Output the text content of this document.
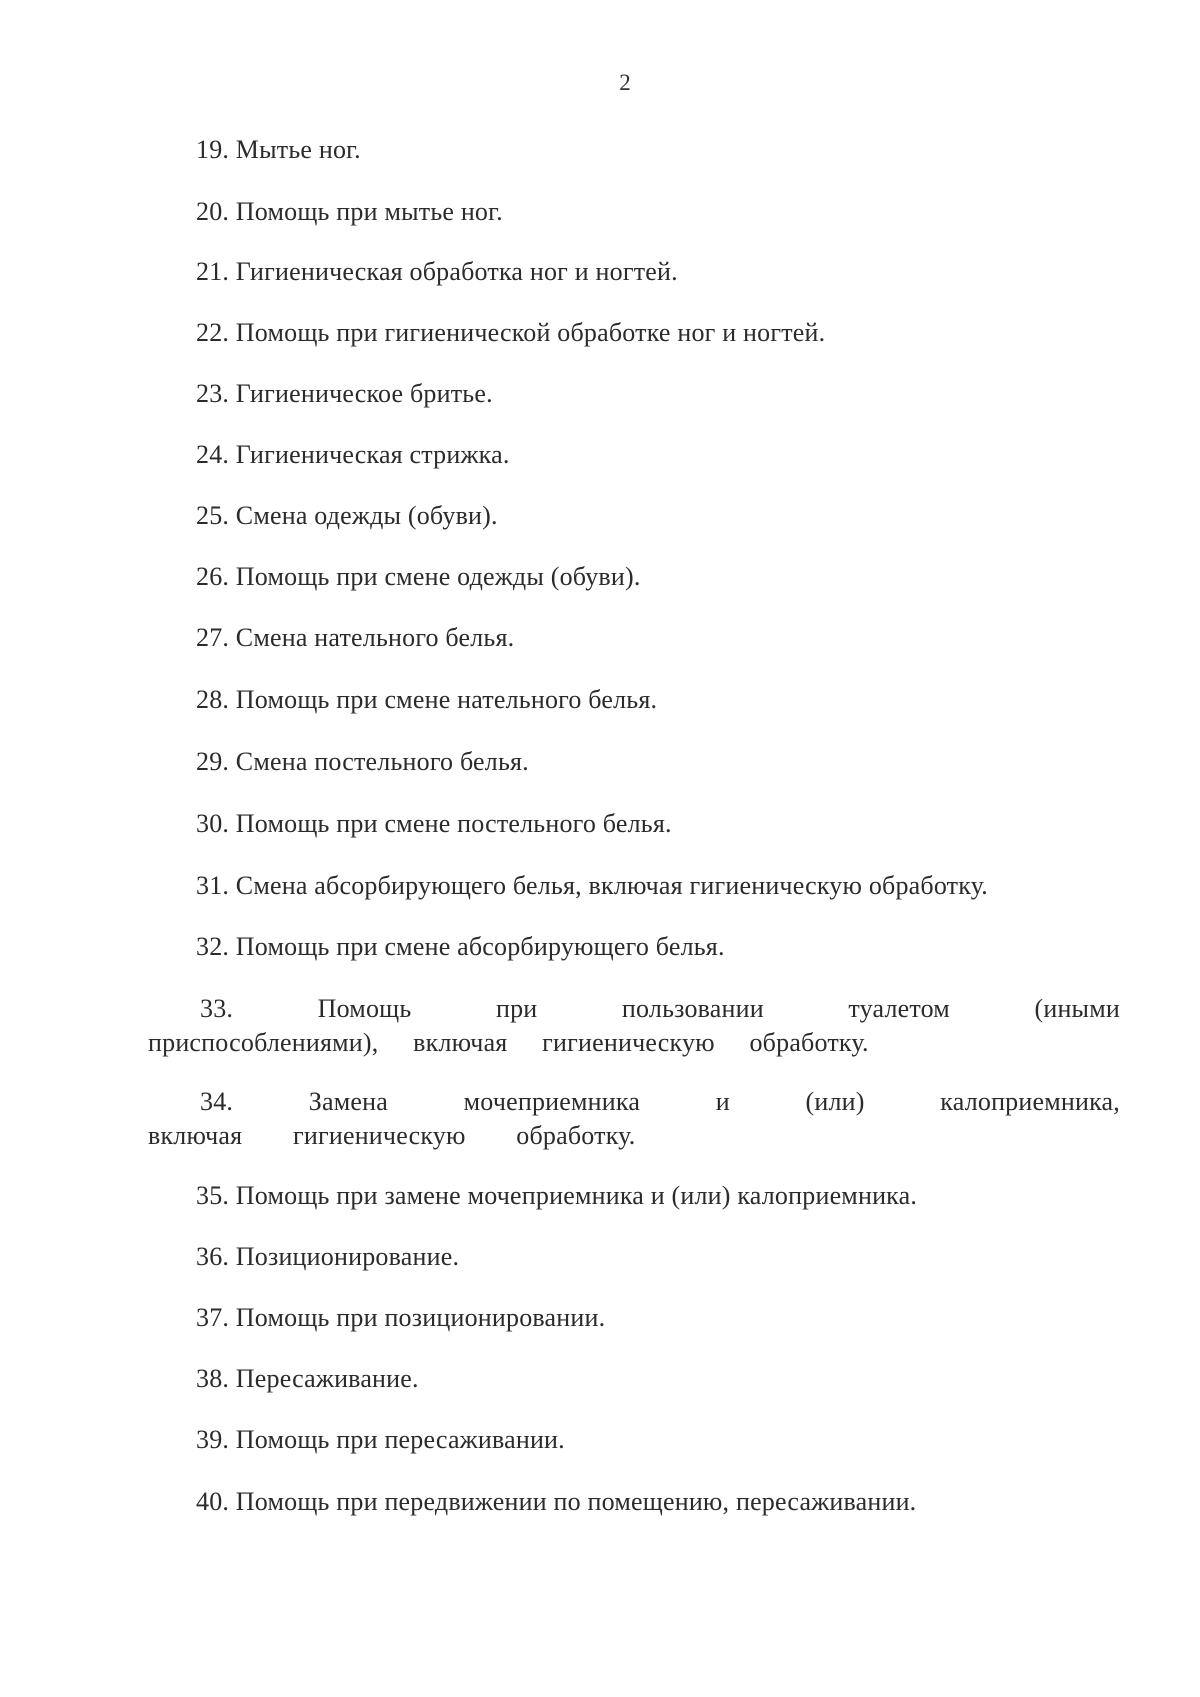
2
19. Мытье ног.
20. Помощь при мытье ног.
21. Гигиеническая обработка ног и ногтей.
22. Помощь при гигиенической обработке ног и ногтей.
23. Гигиеническое бритье.
24. Гигиеническая стрижка.
25. Смена одежды (обуви).
26. Помощь при смене одежды (обуви).
27. Смена нательного белья.
28. Помощь при смене нательного белья.
29. Смена постельного белья.
30. Помощь при смене постельного белья.
31. Смена абсорбирующего белья, включая гигиеническую обработку.
32. Помощь при смене абсорбирующего белья.
33. Помощь при пользовании туалетом (иными приспособлениями), включая гигиеническую обработку.
34. Замена мочеприемника и (или) калоприемника, включая гигиеническую обработку.
35. Помощь при замене мочеприемника и (или) калоприемника.
36. Позиционирование.
37. Помощь при позиционировании.
38. Пересаживание.
39. Помощь при пересаживании.
40. Помощь при передвижении по помещению, пересаживании.
